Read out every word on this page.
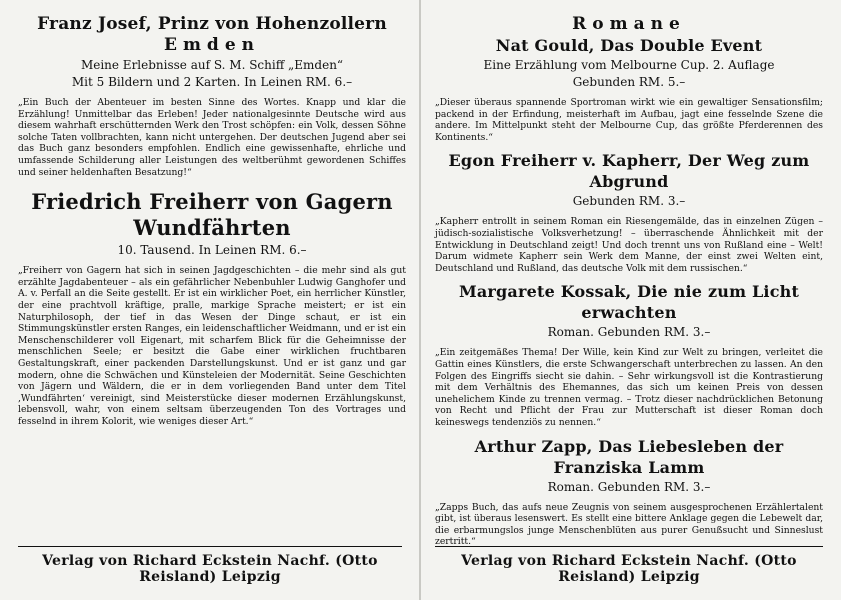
Franz Josef, Prinz von Hohenzollern

Emden

Meine Erlebnisse auf S. M. Schiff „Emden“

Mit 5 Bildern und 2 Karten. In Leinen RM. 6.–

„Ein Buch der Abenteuer im besten Sinne des Wortes. Knapp und klar die Erzählung! Unmittelbar das Erleben! Jeder nationalgesinnte Deutsche wird aus diesem wahrhaft erschütternden Werk den Trost schöpfen: ein Volk, dessen Söhne solche Taten vollbrachten, kann nicht untergehen. Der deutschen Jugend aber sei das Buch ganz besonders empfohlen. Endlich eine gewissenhafte, ehrliche und umfassende Schilderung aller Leistungen des weltberühmt gewordenen Schiffes und seiner heldenhaften Besatzung!“

Friedrich Freiherr von Gagern

Wundfährten

10. Tausend. In Leinen RM. 6.–

„Freiherr von Gagern hat sich in seinen Jagdgeschichten – die mehr sind als gut erzählte Jagdabenteuer – als ein gefährlicher Nebenbuhler Ludwig Ganghofer und A. v. Perfall an die Seite gestellt. Er ist ein wirklicher Poet, ein herrlicher Künstler, der eine prachtvoll kräftige, pralle, markige Sprache meistert; er ist ein Naturphilosoph, der tief in das Wesen der Dinge schaut, er ist ein Stimmungskünstler ersten Ranges, ein leidenschaftlicher Weidmann, und er ist ein Menschenschilderer voll Eigenart, mit scharfem Blick für die Geheimnisse der menschlichen Seele; er besitzt die Gabe einer wirklichen fruchtbaren Gestaltungskraft, einer packenden Darstellungskunst. Und er ist ganz und gar modern, ohne die Schwächen und Künsteleien der Modernität. Seine Geschichten von Jägern und Wäldern, die er in dem vorliegenden Band unter dem Titel ‚Wundfährten‘ vereinigt, sind Meisterstücke dieser modernen Erzählungskunst, lebensvoll, wahr, von einem seltsam überzeugenden Ton des Vortrages und fesselnd in ihrem Kolorit, wie weniges dieser Art.“

Verlag von Richard Eckstein Nachf. (Otto Reisland) Leipzig

Romane

Nat Gould, Das Double Event

Eine Erzählung vom Melbourne Cup. 2. Auflage

Gebunden RM. 5.–

„Dieser überaus spannende Sportroman wirkt wie ein gewaltiger Sensationsfilm; packend in der Erfindung, meisterhaft im Aufbau, jagt eine fesselnde Szene die andere. Im Mittelpunkt steht der Melbourne Cup, das größte Pferderennen des Kontinents.“

Egon Freiherr v. Kapherr, Der Weg zum Abgrund

Gebunden RM. 3.–

„Kapherr entrollt in seinem Roman ein Riesengemälde, das in einzelnen Zügen – jüdisch-sozialistische Volksverhetzung! – überraschende Ähnlichkeit mit der Entwicklung in Deutschland zeigt! Und doch trennt uns von Rußland eine – Welt! Darum widmete Kapherr sein Werk dem Manne, der einst zwei Welten eint, Deutschland und Rußland, das deutsche Volk mit dem russischen.“

Margarete Kossak, Die nie zum Licht erwachten

Roman. Gebunden RM. 3.–

„Ein zeitgemäßes Thema! Der Wille, kein Kind zur Welt zu bringen, verleitet die Gattin eines Künstlers, die erste Schwangerschaft unterbrechen zu lassen. An den Folgen des Eingriffs siecht sie dahin. – Sehr wirkungsvoll ist die Kontrastierung mit dem Verhältnis des Ehemannes, das sich um keinen Preis von dessen unehelichem Kinde zu trennen vermag. – Trotz dieser nachdrücklichen Betonung von Recht und Pflicht der Frau zur Mutterschaft ist dieser Roman doch keineswegs tendenziös zu nennen.“

Arthur Zapp, Das Liebesleben der Franziska Lamm

Roman. Gebunden RM. 3.–

„Zapps Buch, das aufs neue Zeugnis von seinem ausgesprochenen Erzählertalent gibt, ist überaus lesenswert. Es stellt eine bittere Anklage gegen die Lebewelt dar, die erbarmungslos junge Menschenblüten aus purer Genußsucht und Sinneslust zertritt.“

Verlag von Richard Eckstein Nachf. (Otto Reisland) Leipzig
